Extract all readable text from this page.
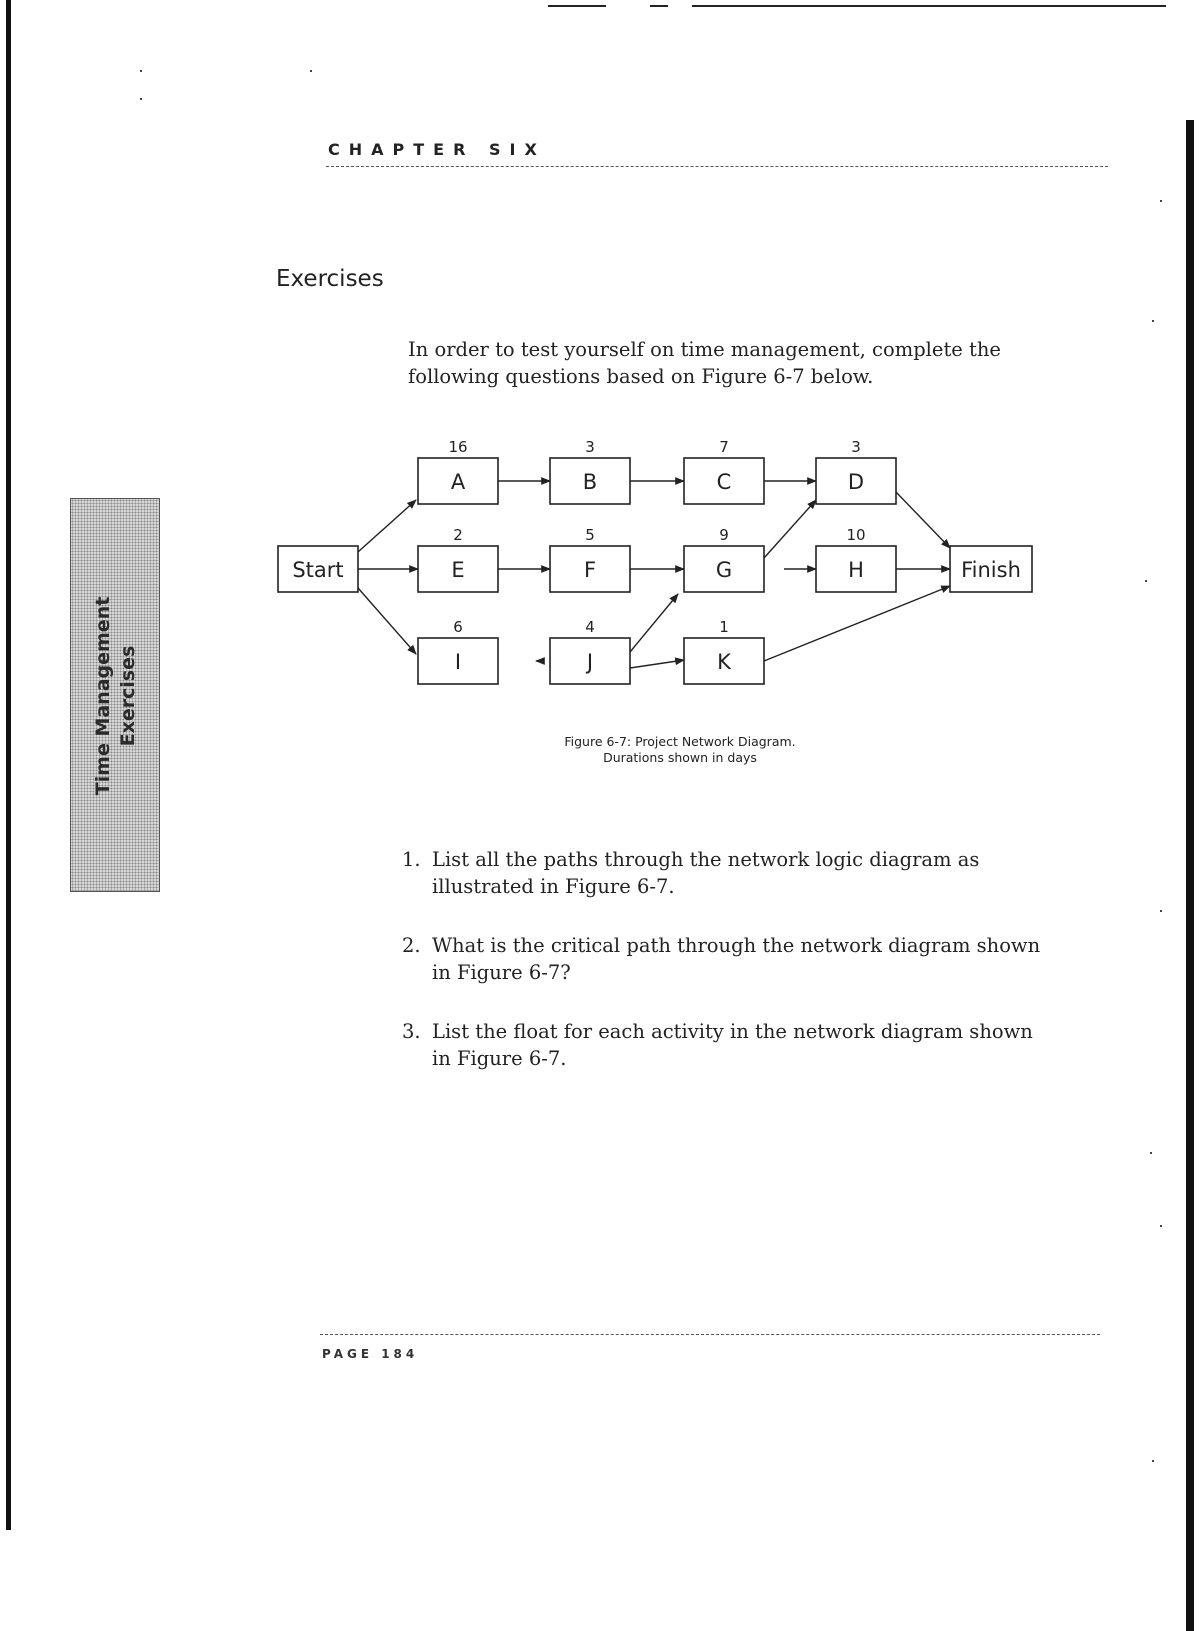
CHAPTER SIX
Exercises
In order to test yourself on time management, complete the
following questions based on Figure 6-7 below.
Time Management Exercises
Start
A
16
B
3
C
7
D
3
E
2
F
5
G
9
H
10
I
6
J
4
K
1
Finish
Figure 6-7: Project Network Diagram.
Durations shown in days
1. List all the paths through the network logic diagram as illustrated in Figure 6-7.
2. What is the critical path through the network diagram shown in Figure 6-7?
3. List the float for each activity in the network diagram shown in Figure 6-7.
PAGE 184
